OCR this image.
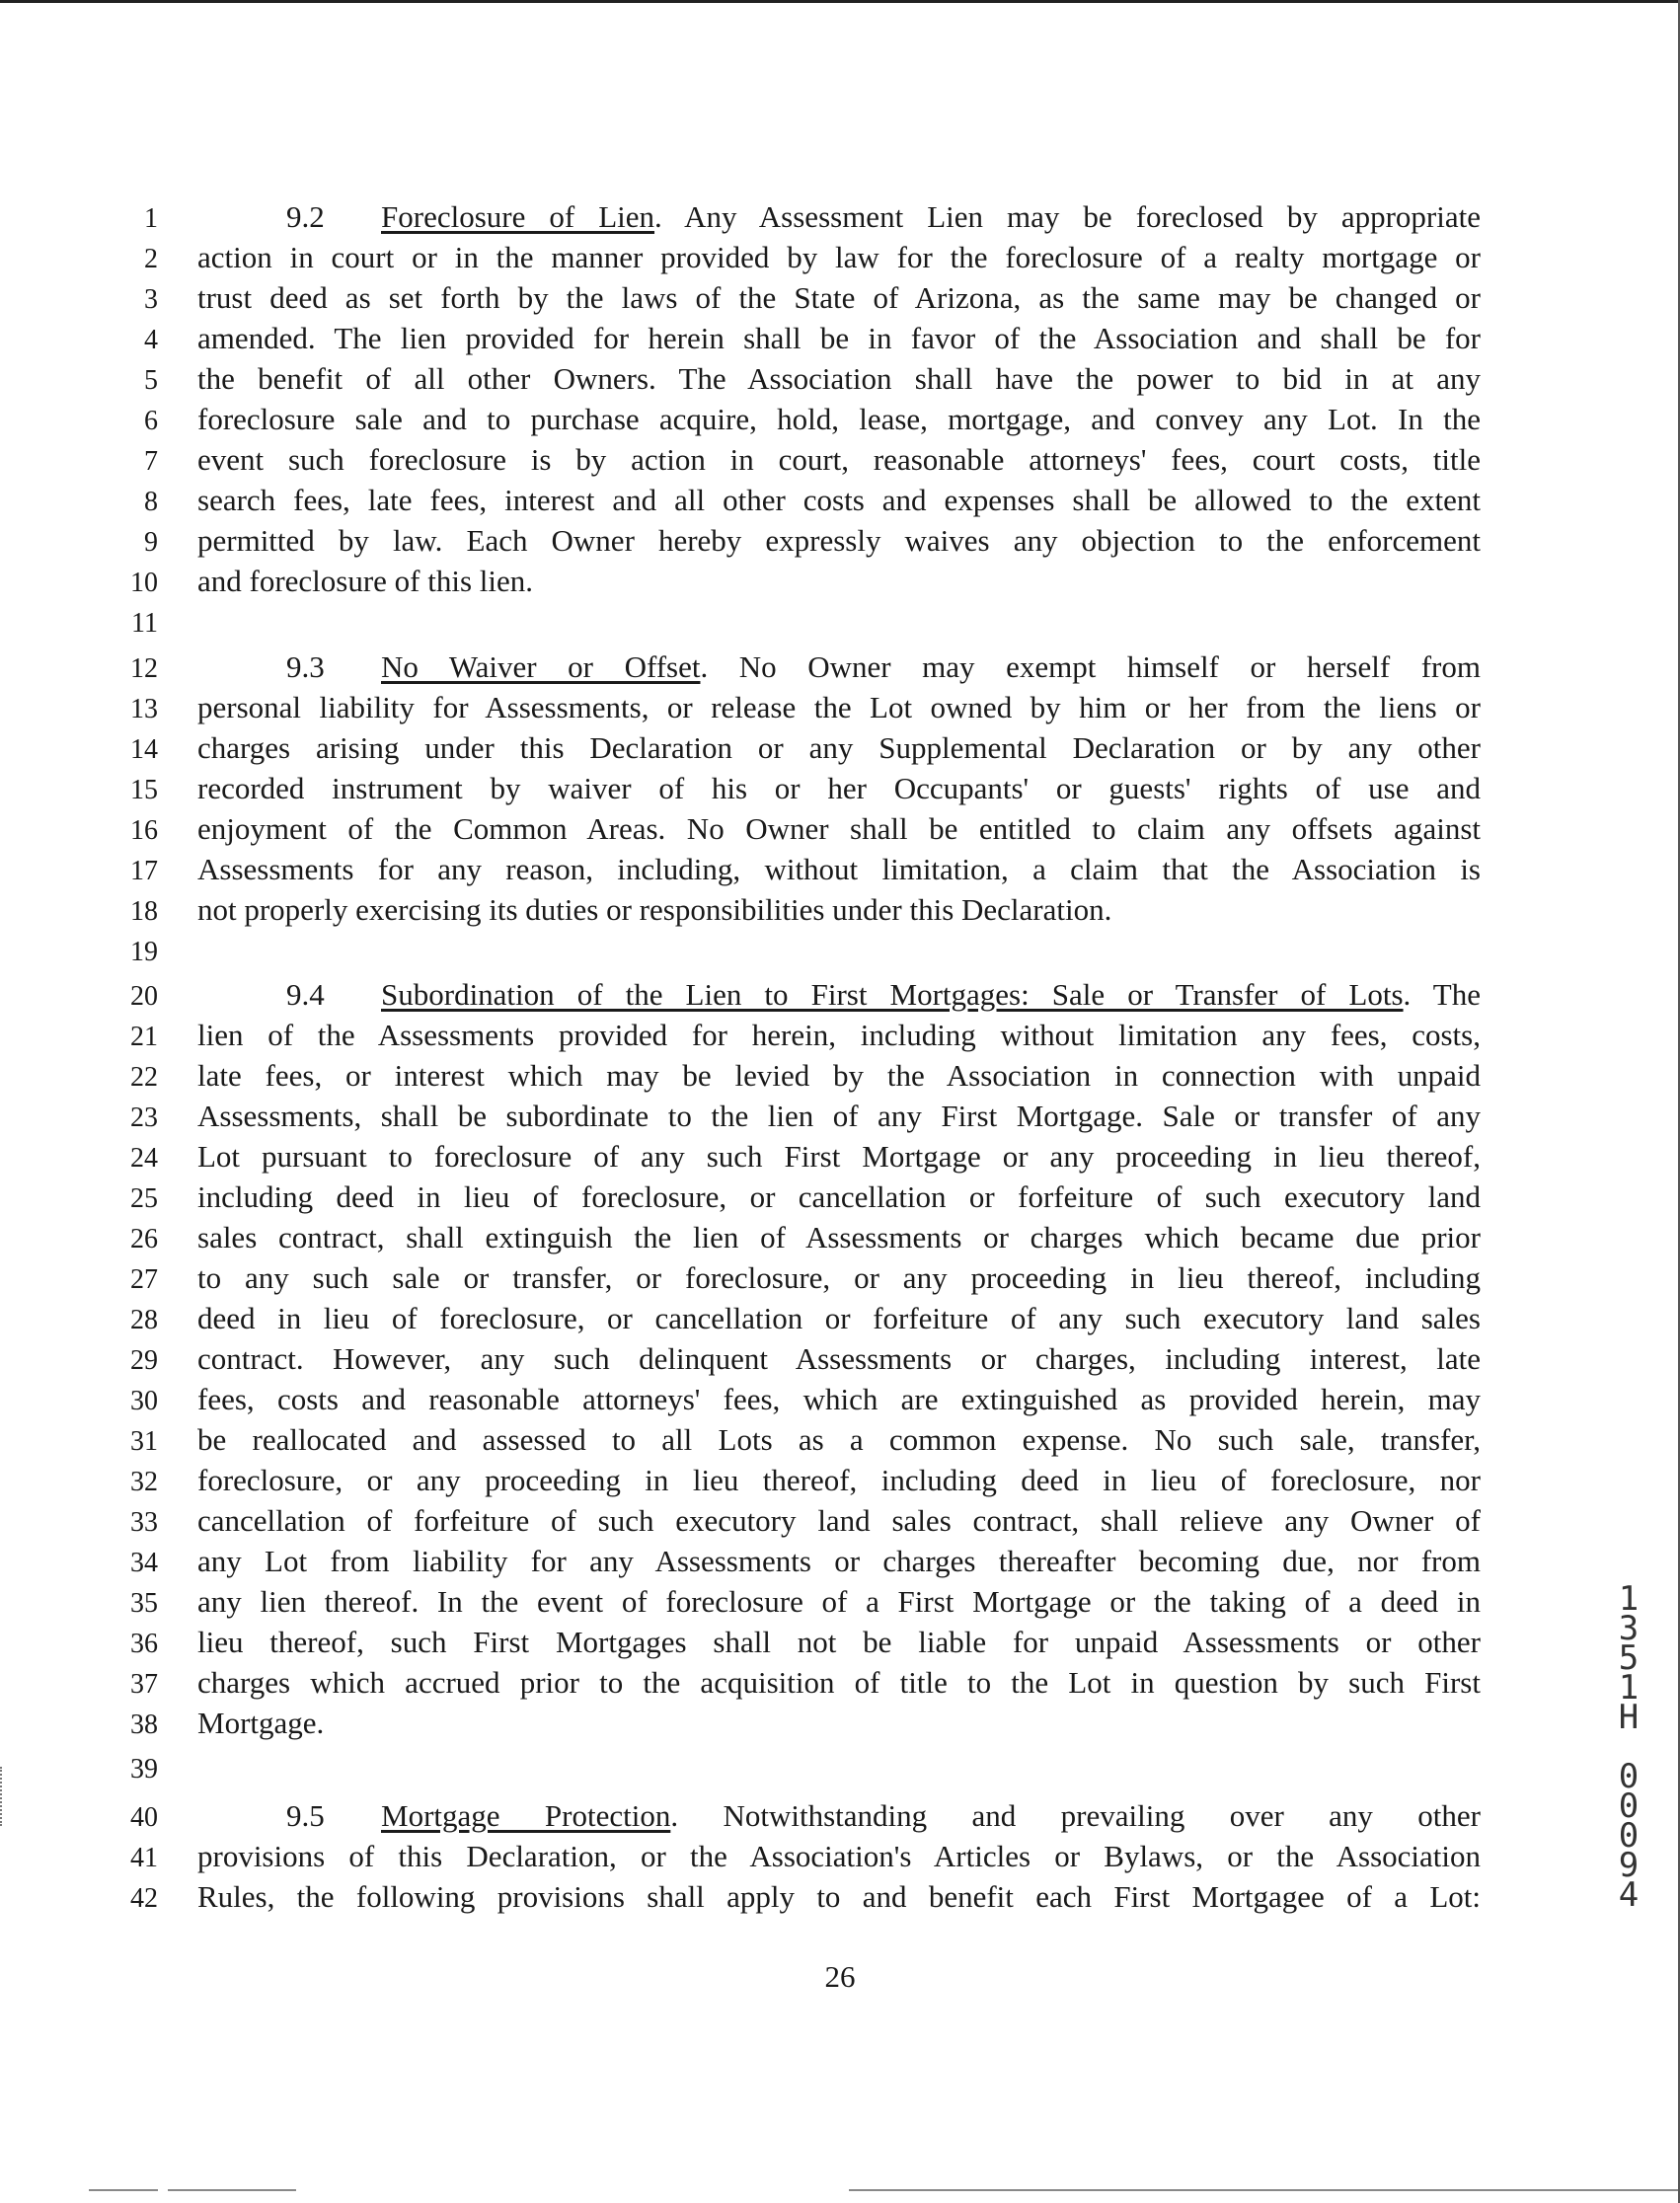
1
2
3
4
5
6
7
8
9
10
11
12
13
14
15
16
17
18
19
20
21
22
23
24
25
26
27
28
29
30
31
32
33
34
35
36
37
38
39
40
41
42
9.2 Foreclosure of Lien. Any Assessment Lien may be foreclosed by appropriate
action in court or in the manner provided by law for the foreclosure of a realty mortgage or
trust deed as set forth by the laws of the State of Arizona, as the same may be changed or
amended. The lien provided for herein shall be in favor of the Association and shall be for
the benefit of all other Owners. The Association shall have the power to bid in at any
foreclosure sale and to purchase acquire, hold, lease, mortgage, and convey any Lot. In the
event such foreclosure is by action in court, reasonable attorneys' fees, court costs, title
search fees, late fees, interest and all other costs and expenses shall be allowed to the extent
permitted by law. Each Owner hereby expressly waives any objection to the enforcement
and foreclosure of this lien.
9.3 No Waiver or Offset. No Owner may exempt himself or herself from
personal liability for Assessments, or release the Lot owned by him or her from the liens or
charges arising under this Declaration or any Supplemental Declaration or by any other
recorded instrument by waiver of his or her Occupants' or guests' rights of use and
enjoyment of the Common Areas. No Owner shall be entitled to claim any offsets against
Assessments for any reason, including, without limitation, a claim that the Association is
not properly exercising its duties or responsibilities under this Declaration.
9.4 Subordination of the Lien to First Mortgages: Sale or Transfer of Lots. The
lien of the Assessments provided for herein, including without limitation any fees, costs,
late fees, or interest which may be levied by the Association in connection with unpaid
Assessments, shall be subordinate to the lien of any First Mortgage. Sale or transfer of any
Lot pursuant to foreclosure of any such First Mortgage or any proceeding in lieu thereof,
including deed in lieu of foreclosure, or cancellation or forfeiture of such executory land
sales contract, shall extinguish the lien of Assessments or charges which became due prior
to any such sale or transfer, or foreclosure, or any proceeding in lieu thereof, including
deed in lieu of foreclosure, or cancellation or forfeiture of any such executory land sales
contract. However, any such delinquent Assessments or charges, including interest, late
fees, costs and reasonable attorneys' fees, which are extinguished as provided herein, may
be reallocated and assessed to all Lots as a common expense. No such sale, transfer,
foreclosure, or any proceeding in lieu thereof, including deed in lieu of foreclosure, nor
cancellation of forfeiture of such executory land sales contract, shall relieve any Owner of
any Lot from liability for any Assessments or charges thereafter becoming due, nor from
any lien thereof. In the event of foreclosure of a First Mortgage or the taking of a deed in
lieu thereof, such First Mortgages shall not be liable for unpaid Assessments or other
charges which accrued prior to the acquisition of title to the Lot in question by such First
Mortgage.
9.5 Mortgage Protection. Notwithstanding and prevailing over any other
provisions of this Declaration, or the Association's Articles or Bylaws, or the Association
Rules, the following provisions shall apply to and benefit each First Mortgagee of a Lot:
26
1
3
5
1
H

0
0
0
9
4
